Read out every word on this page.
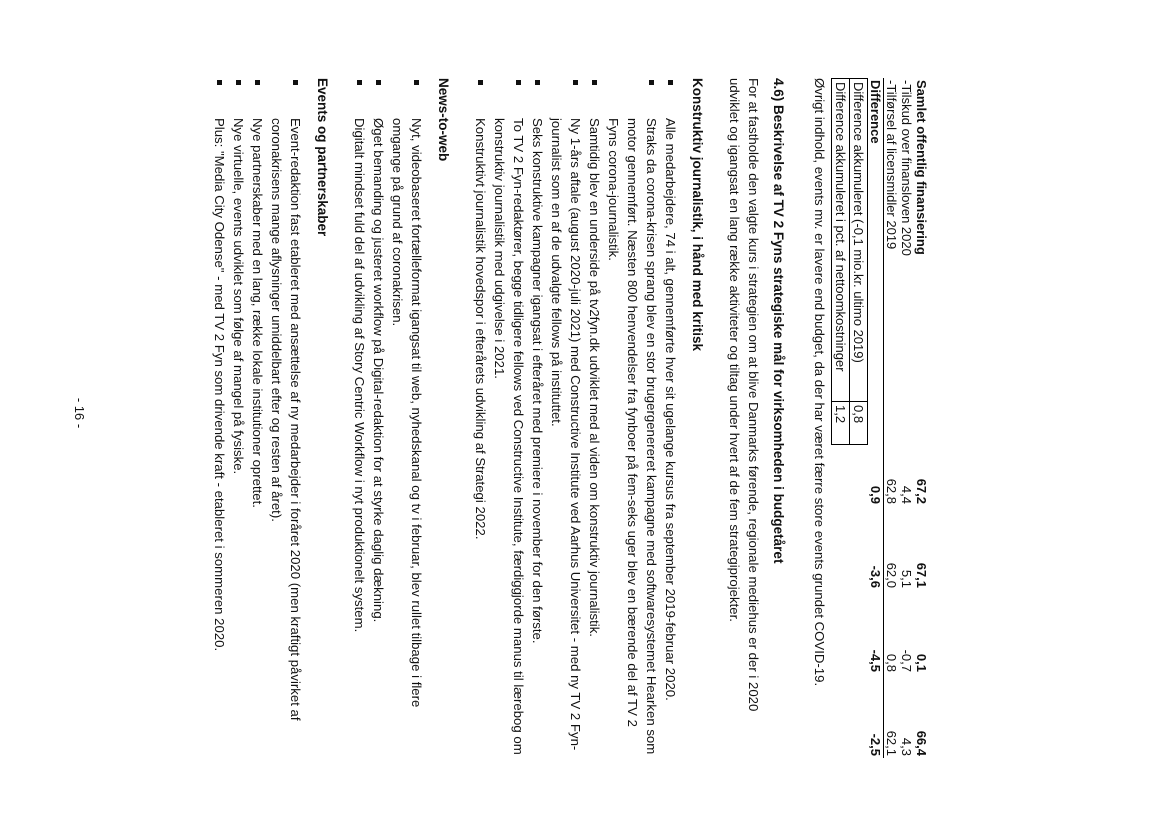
Samlet offentlig finansiering	67,2	67,1	0,1	66,4
-Tilskud over finansloven 2020	4,4	5,1	-0,7	4,3
-Tilførsel af licensmidler 2019	62,8	62,0	0,8	62,1
Difference	0,9	-3,6	-4,5	-2,5
Difference akkumuleret (-0,1 mio.kr. ultimo 2019)	0,8
Difference akkumuleret i pct. af nettoomkostninger	1,2

Øvrigt indhold, events mv. er lavere end budget, da der har været færre store events grundet COVID-19.

4.6) Beskrivelse af TV 2 Fyns strategiske mål for virksomheden i budgetåret

For at fastholde den valgte kurs i strategien om at blive Danmarks førende, regionale mediehus er der i 2020 udviklet og igangsat en lang række aktiviteter og tiltag under hvert af de fem strategiprojekter.

Konstruktiv journalistik, i hånd med kritisk
Alle medarbejdere, 74 i alt, gennemførte hver sit ugelange kursus fra september 2019-februar 2020.
Straks da corona-krisen sprang blev en stor brugergenereret kampagne med softwaresystemet Hearken som motor gennemført. Næsten 800 henvendelser fra fynboer på fem-seks uger blev en bærende del af TV 2 Fyns corona-journalistik.
Samtidig blev en underside på tv2fyn.dk udviklet med al viden om konstruktiv journalistik.
Ny 1-års aftale (august 2020-juli 2021) med Constructive Institute ved Aarhus Universitet - med ny TV 2 Fyn-journalist som en af de udvalgte fellows på instituttet.
Seks konstruktive kampagner igangsat i efteråret med premiere i november for den første.
To TV 2 Fyn-redaktører, begge tidligere fellows ved Constructive Institute, færdiggjorde manus til lærebog om konstruktiv journalistik med udgivelse i 2021.
Konstruktivt journalistik hovedspor i efterårets udvikling af Strategi 2022.
News-to-web
Nyt, videobaseret fortælleformat igangsat til web, nyhedskanal og tv i februar, blev rullet tilbage i flere omgange på grund af coronakrisen.
Øget bemanding og justeret workflow på Digital-redaktion for at styrke daglig dækning.
Digitalt mindset fuld del af udvikling af Story Centric Workflow i nyt produktionelt system.
Events og partnerskaber
Event-redaktion fast etableret med ansættelse af ny medarbejder i foråret 2020 (men kraftigt påvirket af coronakrisens mange aflysninger umiddelbart efter og resten af året).
Nye partnerskaber med en lang, række lokale institutioner oprettet.
Nye virtuelle, events udviklet som følge af mangel på fysiske.
Plus: "Media City Odense" - med TV 2 Fyn som drivende kraft - etableret i sommeren 2020.
- 16 -
